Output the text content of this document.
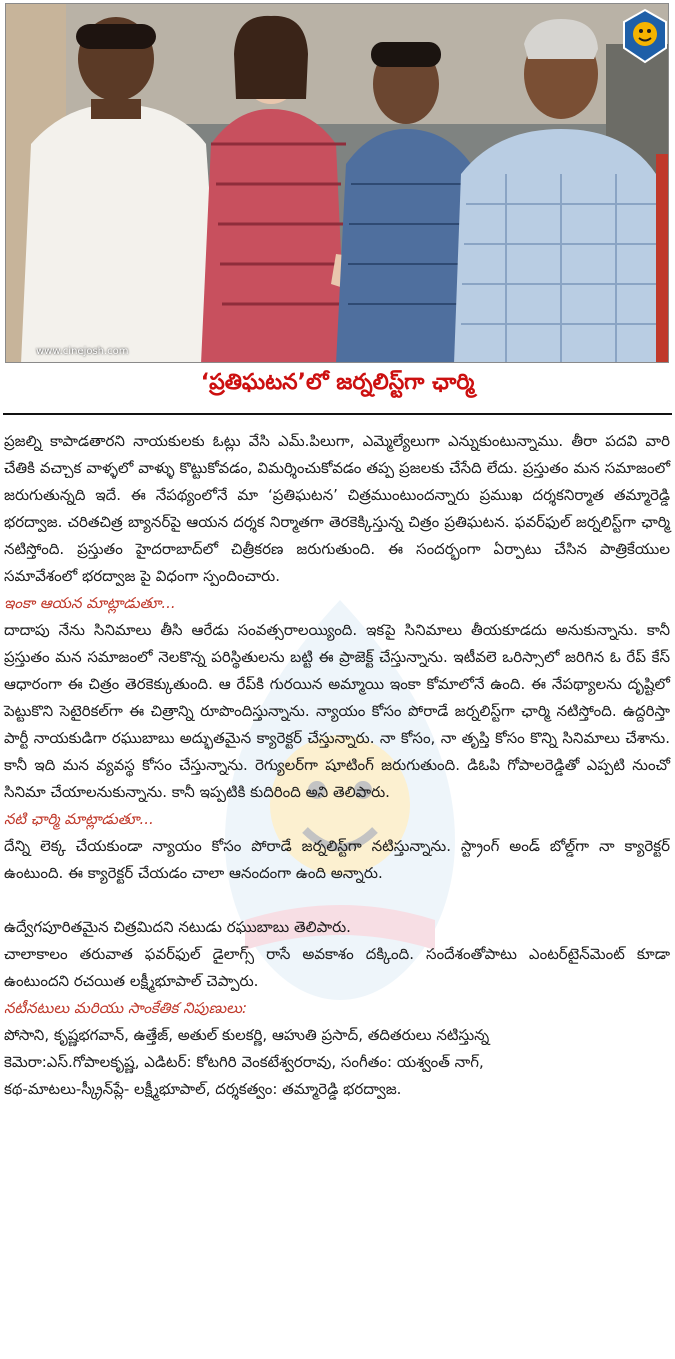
www.cinejosh.com
‘ప్రతిఘటన’లో జర్నలిస్ట్‌గా ఛార్మి

ప్రజల్ని కాపాడతారని నాయకులకు ఓట్లు వేసి ఎమ్.పిలుగా, ఎమ్మెల్యేలుగా ఎన్నుకుంటున్నాము. తీరా పదవి వారి చేతికి వచ్చాక వాళ్ళలో వాళ్ళు కొట్టుకోవడం, విమర్శించుకోవడం తప్ప ప్రజలకు చేసేది లేదు. ప్రస్తుతం మన సమాజంలో జరుగుతున్నది ఇదే. ఈ నేపథ్యంలోనే మా ‘ప్రతిఘటన’ చిత్రముంటుందన్నారు ప్రముఖ దర్శకనిర్మాత తమ్మారెడ్డి భరద్వాజ. చరితచిత్ర బ్యానర్‌పై ఆయన దర్శక నిర్మాతగా తెరకెక్కిస్తున్న చిత్రం ప్రతిఘటన. ఫవర్‌ఫుల్ జర్నలిస్ట్‌గా ఛార్మి నటిస్తోంది. ప్రస్తుతం హైదరాబాద్‌లో చిత్రీకరణ జరుగుతుంది. ఈ సందర్భంగా ఏర్పాటు చేసిన పాత్రికేయుల సమావేశంలో భరద్వాజ పై విధంగా స్పందించారు.

ఇంకా ఆయన మాట్లాడుతూ...

దాదాపు నేను సినిమాలు తీసి ఆరేడు సంవత్సరాలయ్యింది. ఇకపై సినిమాలు తీయకూడదు అనుకున్నాను. కానీ ప్రస్తుతం మన సమాజంలో నెలకొన్న పరిస్థితులను బట్టి ఈ ప్రాజెక్ట్ చేస్తున్నాను. ఇటీవలె ఒరిస్సాలో జరిగిన ఓ రేప్ కేస్ ఆధారంగా ఈ చిత్రం తెరకెక్కుతుంది. ఆ రేప్‌కి గురయిన అమ్మాయి ఇంకా కోమాలోనే ఉంది. ఈ నేపథ్యాలను దృష్టిలో పెట్టుకొని సెటైరికల్‌గా ఈ చిత్రాన్ని రూపొందిస్తున్నాను. న్యాయం కోసం పోరాడే జర్నలిస్ట్‌గా ఛార్మి నటిస్తోంది. ఉద్దరిస్తా పార్టీ నాయకుడిగా రఘుబాబు అద్భుతమైన క్యారెక్టర్ చేస్తున్నారు. నా కోసం, నా తృప్తి కోసం కొన్ని సినిమాలు చేశాను. కానీ ఇది మన వ్యవస్థ కోసం చేస్తున్నాను. రెగ్యులర్‌గా షూటింగ్ జరుగుతుంది. డిఓపి గోపాలరెడ్డితో ఎప్పటి నుంచో సినిమా చేయాలనుకున్నాను. కానీ ఇప్పటికి కుదిరింది అని తెలిపారు.

నటి ఛార్మి మాట్లాడుతూ...

దేన్ని లెక్క చేయకుండా న్యాయం కోసం పోరాడే జర్నలిస్ట్‌గా నటిస్తున్నాను. స్ట్రాంగ్ అండ్ బోల్డ్‌గా నా క్యారెక్టర్ ఉంటుంది. ఈ క్యారెక్టర్ చేయడం చాలా ఆనందంగా ఉంది అన్నారు.

ఉద్వేగపూరితమైన చిత్రమిదని నటుడు రఘుబాబు తెలిపారు.

చాలాకాలం తరువాత ఫవర్‌ఫుల్ డైలాగ్స్ రాసే అవకాశం దక్కింది. సందేశంతోపాటు ఎంటర్‌టైన్‌మెంట్ కూడా ఉంటుందని రచయిత లక్ష్మీభూపాల్ చెప్పారు.

నటీనటులు మరియు సాంకేతిక నిపుణులు:

పోసాని, కృష్ణభగవాన్, ఉత్తేజ్, అతుల్ కులకర్ణి, ఆహుతి ప్రసాద్, తదితరులు నటిస్తున్న

కెమెరా:ఎస్.గోపాలకృష్ణ, ఎడిటర్: కోటగిరి వెంకటేశ్వరరావు, సంగీతం: యశ్వంత్ నాగ్,

కథ-మాటలు-స్క్రీన్‌ప్లే- లక్ష్మీభూపాల్, దర్శకత్వం: తమ్మారెడ్డి భరద్వాజ.
